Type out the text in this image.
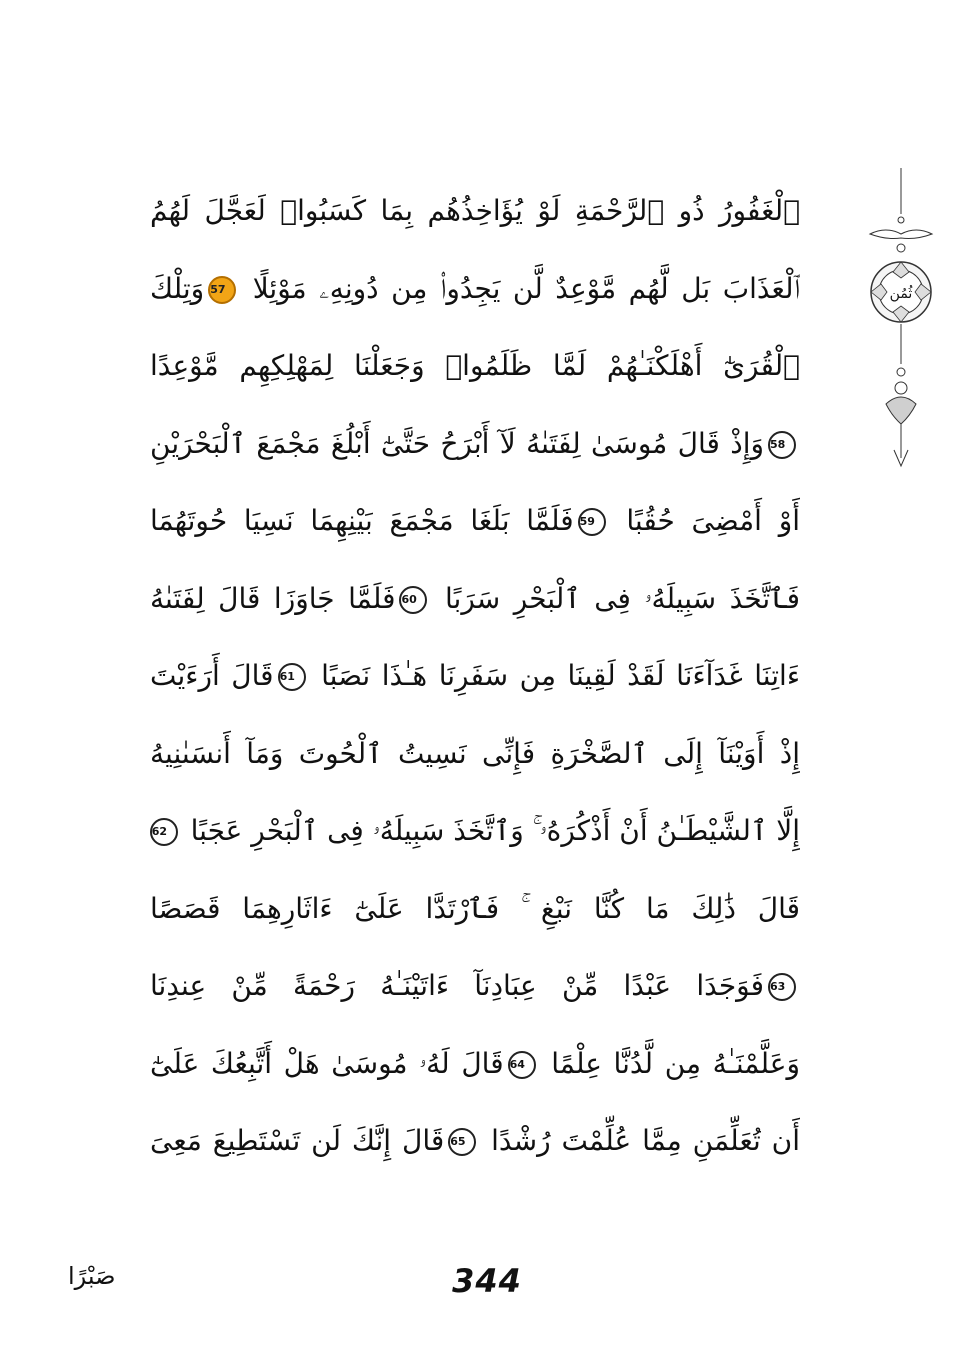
ثُمُن
ٱلْغَفُورُ ذُو ٱلرَّحْمَةِ لَوْ يُؤَاخِذُهُم بِمَا كَسَبُوا۟ لَعَجَّلَ لَهُمُ
ٱلْعَذَابَ بَل لَّهُم مَّوْعِدٌ لَّن يَجِدُوا۟ مِن دُونِهِۦ مَوْئِلًا 57وَتِلْكَ
ٱلْقُرَىٰٓ أَهْلَكْنَـٰهُمْ لَمَّا ظَلَمُوا۟ وَجَعَلْنَا لِمَهْلِكِهِم مَّوْعِدًا
58وَإِذْ قَالَ مُوسَىٰ لِفَتَىٰهُ لَآ أَبْرَحُ حَتَّىٰٓ أَبْلُغَ مَجْمَعَ ٱلْبَحْرَيْنِ
أَوْ أَمْضِىَ حُقُبًا 59فَلَمَّا بَلَغَا مَجْمَعَ بَيْنِهِمَا نَسِيَا حُوتَهُمَا
فَٱتَّخَذَ سَبِيلَهُۥ فِى ٱلْبَحْرِ سَرَبًا 60فَلَمَّا جَاوَزَا قَالَ لِفَتَىٰهُ
ءَاتِنَا غَدَآءَنَا لَقَدْ لَقِينَا مِن سَفَرِنَا هَـٰذَا نَصَبًا 61قَالَ أَرَءَيْتَ
إِذْ أَوَيْنَآ إِلَى ٱلصَّخْرَةِ فَإِنِّى نَسِيتُ ٱلْحُوتَ وَمَآ أَنسَىٰنِيهُ
إِلَّا ٱلشَّيْطَـٰنُ أَنْ أَذْكُرَهُۥ ۚ وَٱتَّخَذَ سَبِيلَهُۥ فِى ٱلْبَحْرِ عَجَبًا 62
قَالَ ذَٰلِكَ مَا كُنَّا نَبْغِ ۚ فَٱرْتَدَّا عَلَىٰٓ ءَاثَارِهِمَا قَصَصًا
63فَوَجَدَا عَبْدًا مِّنْ عِبَادِنَآ ءَاتَيْنَـٰهُ رَحْمَةً مِّنْ عِندِنَا
وَعَلَّمْنَـٰهُ مِن لَّدُنَّا عِلْمًا 64قَالَ لَهُۥ مُوسَىٰ هَلْ أَتَّبِعُكَ عَلَىٰٓ
أَن تُعَلِّمَنِ مِمَّا عُلِّمْتَ رُشْدًا 65قَالَ إِنَّكَ لَن تَسْتَطِيعَ مَعِىَ
344
صَبْرًا
